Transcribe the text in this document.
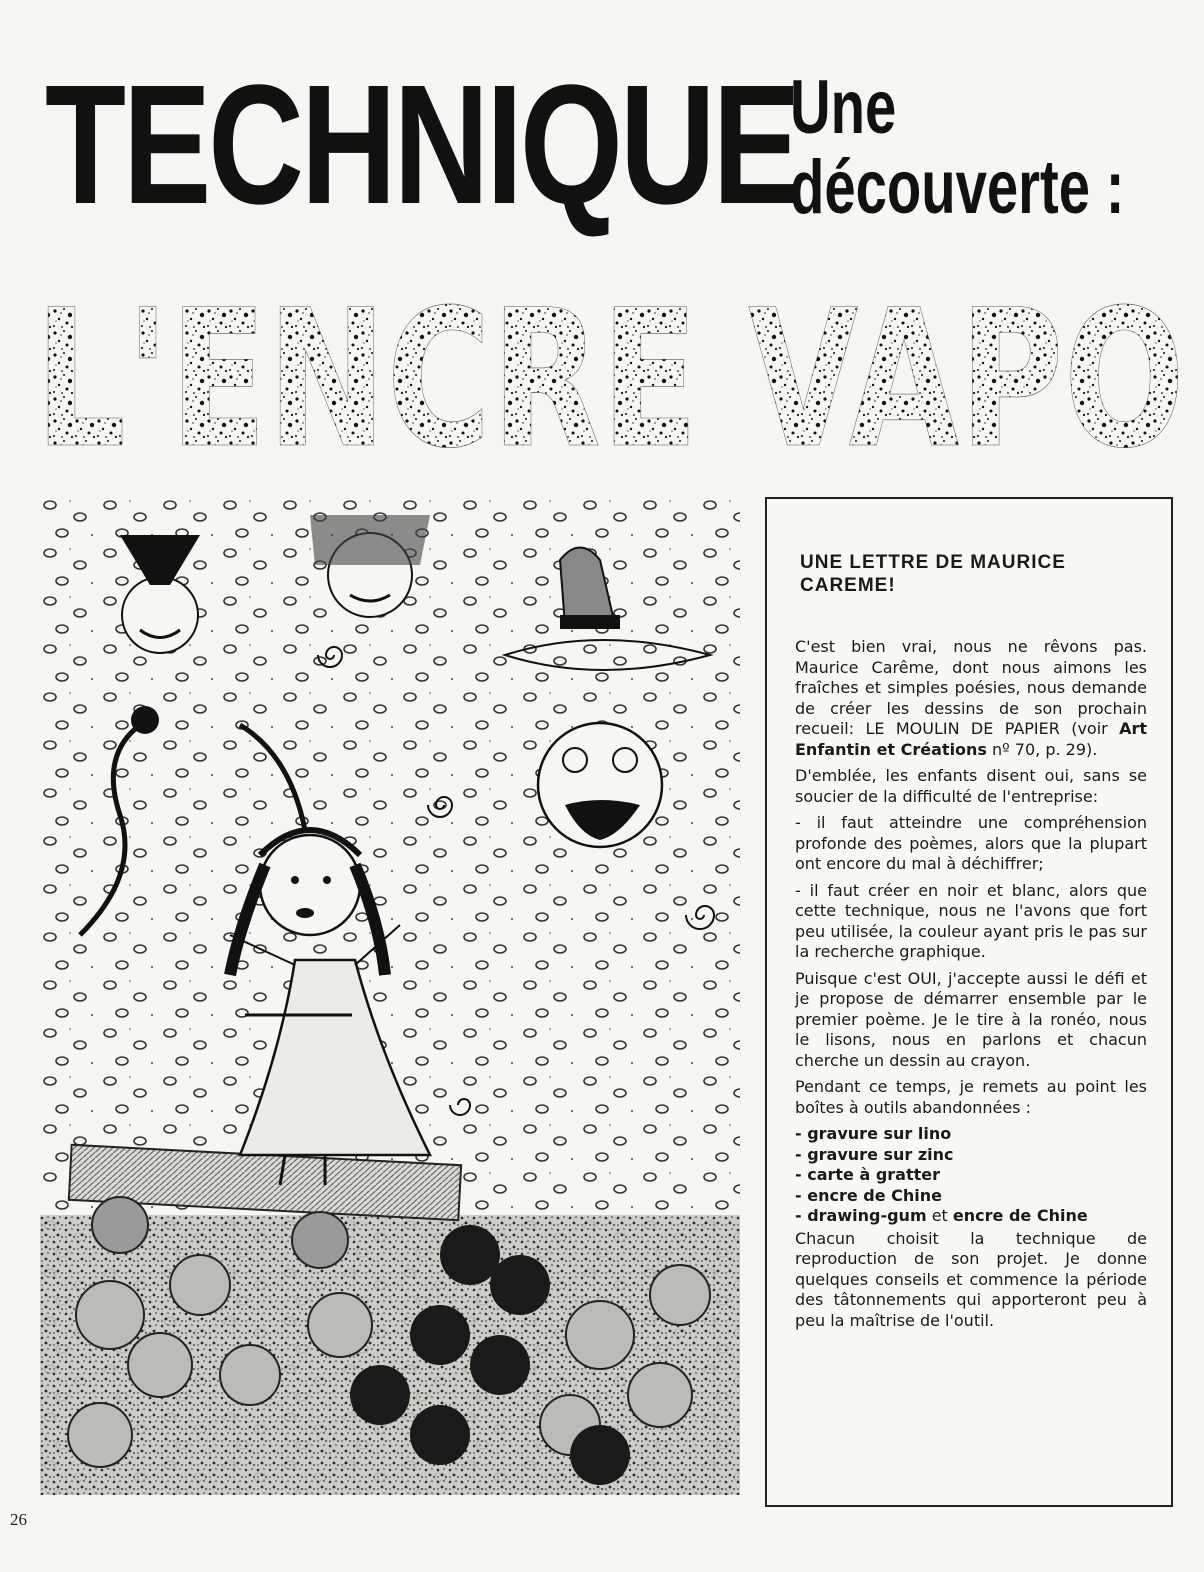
TECHNIQUE
Une
découverte :
L'ENCRE VAPO
UNE LETTRE DE MAURICE
CAREME!

C'est bien vrai, nous ne rêvons pas. Maurice Carême, dont nous aimons les fraîches et simples poésies, nous demande de créer les dessins de son prochain recueil: LE MOULIN DE PAPIER (voir Art Enfantin et Créations nº 70, p. 29).

D'emblée, les enfants disent oui, sans se soucier de la difficulté de l'entreprise:

- il faut atteindre une compréhension profonde des poèmes, alors que la plupart ont encore du mal à déchiffrer;

- il faut créer en noir et blanc, alors que cette technique, nous ne l'avons que fort peu utilisée, la couleur ayant pris le pas sur la recherche graphique.

Puisque c'est OUI, j'accepte aussi le défi et je propose de démarrer ensemble par le premier poème. Je le tire à la ronéo, nous le lisons, nous en parlons et chacun cherche un dessin au crayon.

Pendant ce temps, je remets au point les boîtes à outils abandonnées :

- gravure sur lino
- gravure sur zinc
- carte à gratter
- encre de Chine
- drawing-gum et encre de Chine

Chacun choisit la technique de reproduction de son projet. Je donne quelques conseils et commence la période des tâtonnements qui apporteront peu à peu la maîtrise de l'outil.

26
